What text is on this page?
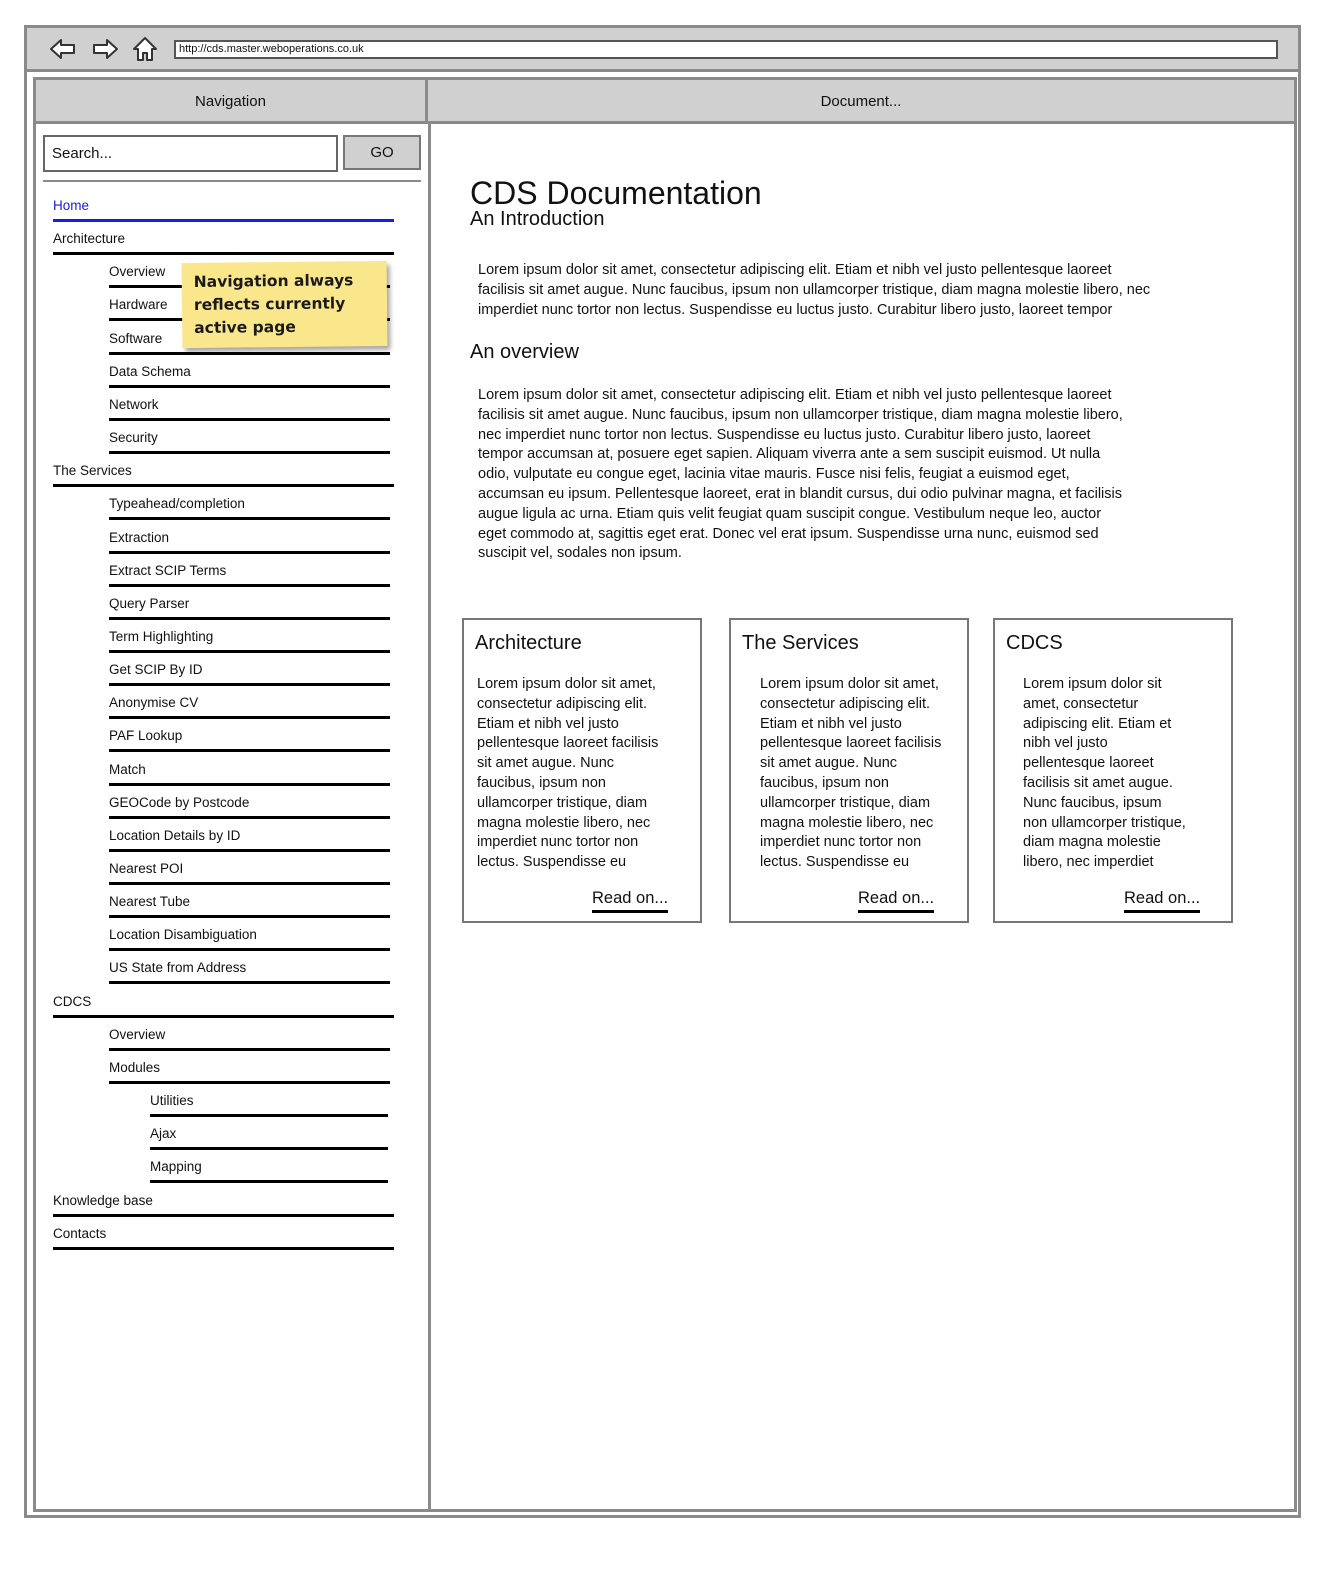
http://cds.master.weboperations.co.uk
Navigation	Document...
Search...	GO
Home
Architecture
Overview
Hardware
Software
Data Schema
Network
Security
The Services
Typeahead/completion
Extraction
Extract SCIP Terms
Query Parser
Term Highlighting
Get SCIP By ID
Anonymise CV
PAF Lookup
Match
GEOCode by Postcode
Location Details by ID
Nearest POI
Nearest Tube
Location Disambiguation
US State from Address
CDCS
Overview
Modules
Utilities
Ajax
Mapping
Knowledge base
Contacts
Navigation always
reflects currently
active page
CDS Documentation
An Introduction
Lorem ipsum dolor sit amet, consectetur adipiscing elit. Etiam et nibh vel justo pellentesque laoreet
facilisis sit amet augue. Nunc faucibus, ipsum non ullamcorper tristique, diam magna molestie libero, nec
imperdiet nunc tortor non lectus. Suspendisse eu luctus justo. Curabitur libero justo, laoreet tempor
An overview
Lorem ipsum dolor sit amet, consectetur adipiscing elit. Etiam et nibh vel justo pellentesque laoreet
facilisis sit amet augue. Nunc faucibus, ipsum non ullamcorper tristique, diam magna molestie libero,
nec imperdiet nunc tortor non lectus. Suspendisse eu luctus justo. Curabitur libero justo, laoreet
tempor accumsan at, posuere eget sapien. Aliquam viverra ante a sem suscipit euismod. Ut nulla
odio, vulputate eu congue eget, lacinia vitae mauris. Fusce nisi felis, feugiat a euismod eget,
accumsan eu ipsum. Pellentesque laoreet, erat in blandit cursus, dui odio pulvinar magna, et facilisis
augue ligula ac urna. Etiam quis velit feugiat quam suscipit congue. Vestibulum neque leo, auctor
eget commodo at, sagittis eget erat. Donec vel erat ipsum. Suspendisse urna nunc, euismod sed
suscipit vel, sodales non ipsum.
Architecture
Lorem ipsum dolor sit amet,
consectetur adipiscing elit.
Etiam et nibh vel justo
pellentesque laoreet facilisis
sit amet augue. Nunc
faucibus, ipsum non
ullamcorper tristique, diam
magna molestie libero, nec
imperdiet nunc tortor non
lectus. Suspendisse eu
Read on...
The Services
Lorem ipsum dolor sit amet,
consectetur adipiscing elit.
Etiam et nibh vel justo
pellentesque laoreet facilisis
sit amet augue. Nunc
faucibus, ipsum non
ullamcorper tristique, diam
magna molestie libero, nec
imperdiet nunc tortor non
lectus. Suspendisse eu
Read on...
CDCS
Lorem ipsum dolor sit
amet, consectetur
adipiscing elit. Etiam et
nibh vel justo
pellentesque laoreet
facilisis sit amet augue.
Nunc faucibus, ipsum
non ullamcorper tristique,
diam magna molestie
libero, nec imperdiet
Read on...
